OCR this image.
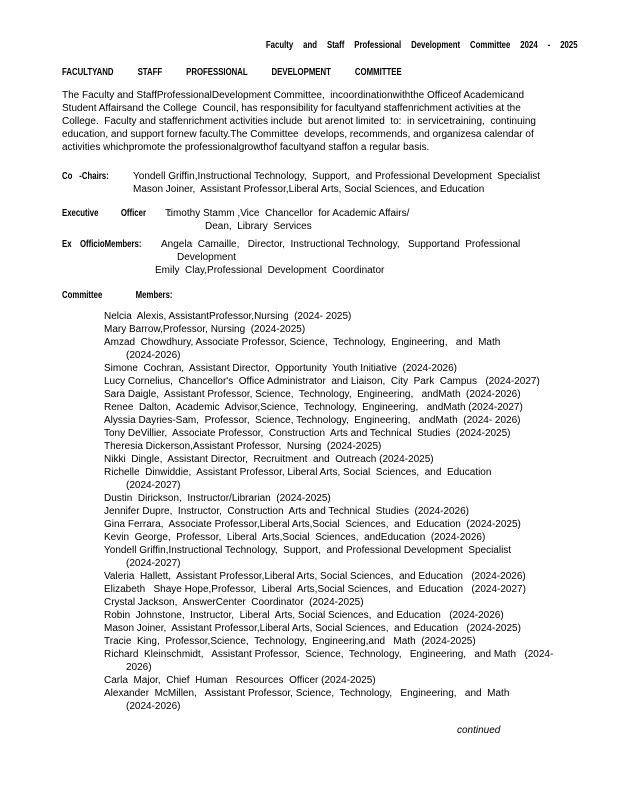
Faculty and Staff Professional Development Committee 2024 - 2025
FACULTYAND STAFF PROFESSIONAL DEVELOPMENT COMMITTEE
The Faculty and StaffProfessionalDevelopment Committee,  incoordinationwiththe Officeof Academicand
Student Affairsand the College  Council, has responsibility for facultyand staffenrichment activities at the
College.  Faculty and staffenrichment activities include  but arenot limited  to:  in servicetraining,  continuing
education, and support fornew faculty.The Committee  develops, recommends, and organizesa calendar of
activities whichpromote the professionalgrowthof facultyand staffon a regular basis.
Co -Chairs:	Yondell Griffin,Instructional Technology,  Support,  and Professional Development  Specialist
Mason Joiner,  Assistant Professor,Liberal Arts, Social Sciences, and Education
Executive Officer :
Timothy Stamm ,Vice  Chancellor  for Academic Affairs/
Dean,  Library  Services
Ex OfficioMembers:	Angela  Camaille,   Director,  Instructional Technology,   Supportand  Professional
Development
Emily  Clay,Professional  Development  Coordinator
Committee Members:
Nelcia  Alexis, AssistantProfessor,Nursing  (2024- 2025)
Mary Barrow,Professor, Nursing  (2024-2025)
Amzad  Chowdhury, Associate Professor, Science,  Technology,  Engineering,   and  Math
(2024-2026)
Simone  Cochran,  Assistant Director,  Opportunity  Youth Initiative  (2024-2026)
Lucy Cornelius,  Chancellor's  Office Administrator  and Liaison,  City  Park  Campus   (2024-2027)
Sara Daigle,  Assistant Professor, Science,  Technology,  Engineering,   andMath  (2024-2026)
Renee  Dalton,  Academic  Advisor,Science,  Technology,  Engineering,   andMath (2024-2027)
Alyssia Dayries-Sam,  Professor,  Science, Technology,  Engineering,   andMath  (2024- 2026)
Tony DeVillier,  Associate Professor,  Construction  Arts and Technical  Studies  (2024-2025)
Theresia Dickerson,Assistant Professor,  Nursing  (2024-2025)
Nikki  Dingle,  Assistant Director,  Recruitment  and  Outreach (2024-2025)
Richelle  Dinwiddie,  Assistant Professor, Liberal Arts, Social  Sciences,  and  Education
(2024-2027)
Dustin  Dirickson,  Instructor/Librarian  (2024-2025)
Jennifer Dupre,  Instructor,  Construction  Arts and Technical  Studies  (2024-2026)
Gina Ferrara,  Associate Professor,Liberal Arts,Social  Sciences,  and  Education  (2024-2025)
Kevin  George,  Professor,  Liberal  Arts,Social  Sciences,  andEducation  (2024-2026)
Yondell Griffin,Instructional Technology,  Support,  and Professional Development  Specialist
(2024-2027)
Valeria  Hallett,  Assistant Professor,Liberal Arts, Social Sciences,  and Education   (2024-2026)
Elizabeth   Shaye Hope,Professor,  Liberal  Arts,Social Sciences,  and  Education   (2024-2027)
Crystal Jackson,  AnswerCenter  Coordinator  (2024-2025)
Robin  Johnstone,  Instructor,  Liberal  Arts, Social Sciences,  and Education   (2024-2026)
Mason Joiner,  Assistant Professor,Liberal Arts, Social Sciences,  and Education   (2024-2025)
Tracie  King,  Professor,Science,  Technology,  Engineering,and   Math  (2024-2025)
Richard  Kleinschmidt,   Assistant Professor,  Science,  Technology,   Engineering,   and Math   (2024-
2026)
Carla  Major,  Chief  Human   Resources  Officer (2024-2025)
Alexander  McMillen,   Assistant Professor, Science,  Technology,   Engineering,   and  Math
(2024-2026)
continued
